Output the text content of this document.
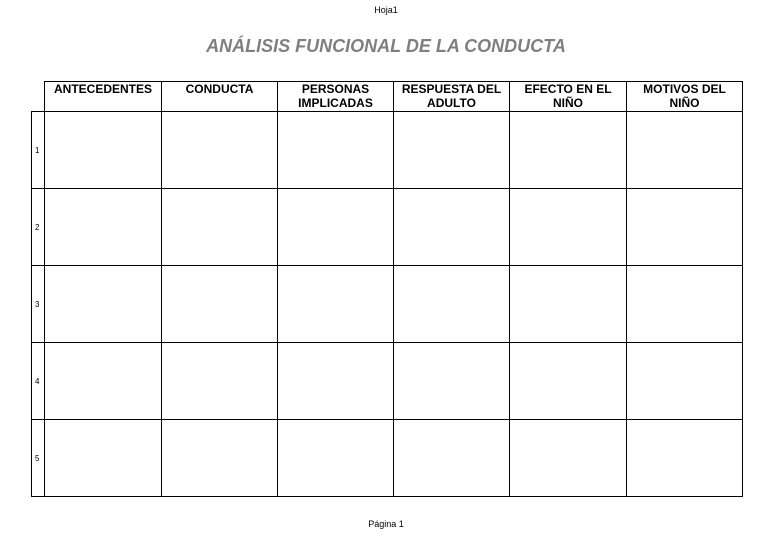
Hoja1
ANÁLISIS FUNCIONAL DE LA CONDUCTA
	ANTECEDENTES	CONDUCTA	PERSONAS IMPLICADAS	RESPUESTA DEL ADULTO	EFECTO EN EL NIÑO	MOTIVOS DEL NIÑO
1						
2						
3						
4						
5						
Página 1
